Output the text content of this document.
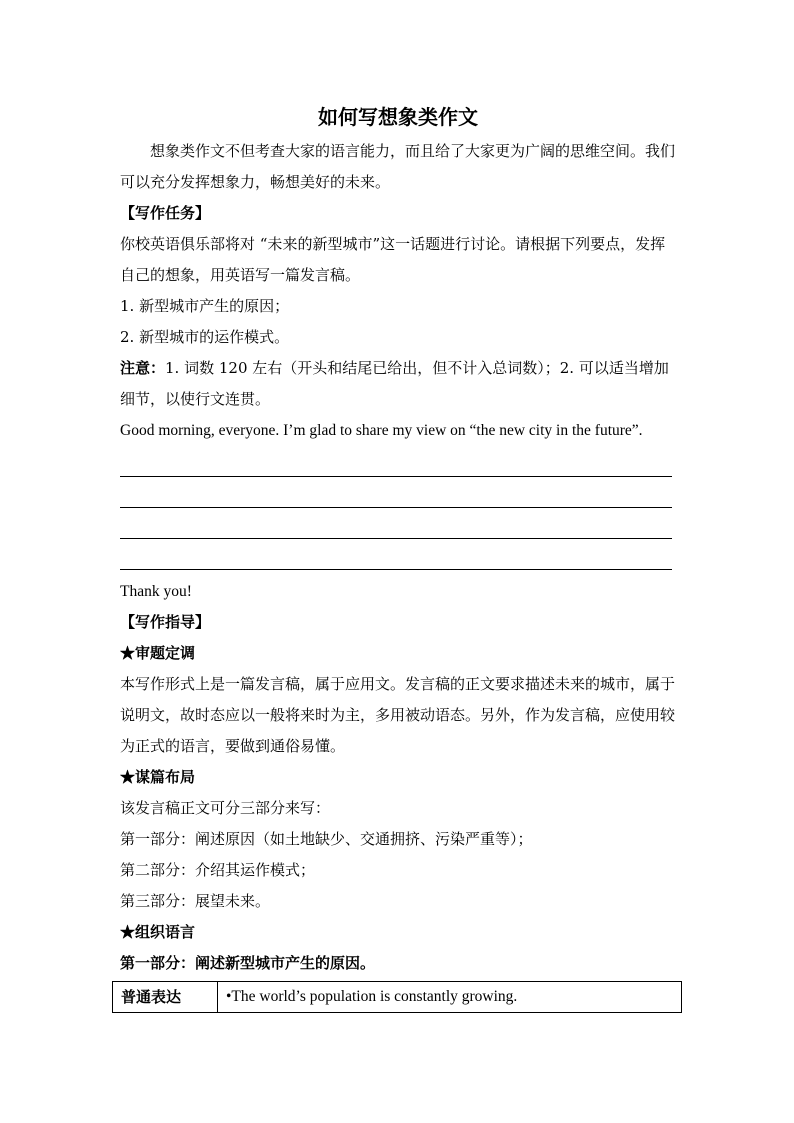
如何写想象类作文

想象类作文不但考查大家的语言能力，而且给了大家更为广阔的思维空间。我们可以充分发挥想象力，畅想美好的未来。

【写作任务】

你校英语俱乐部将对 “未来的新型城市”这一话题进行讨论。请根据下列要点，发挥自己的想象，用英语写一篇发言稿。

1. 新型城市产生的原因；

2. 新型城市的运作模式。

注意：1. 词数 120 左右（开头和结尾已给出，但不计入总词数）；2. 可以适当增加细节，以使行文连贯。

Good morning, everyone. I’m glad to share my view on “the new city in the future”.

Thank you!

【写作指导】

★审题定调

本写作形式上是一篇发言稿，属于应用文。发言稿的正文要求描述未来的城市，属于说明文，故时态应以一般将来时为主，多用被动语态。另外，作为发言稿，应使用较为正式的语言，要做到通俗易懂。

★谋篇布局

该发言稿正文可分三部分来写：

第一部分：阐述原因（如土地缺少、交通拥挤、污染严重等）；

第二部分：介绍其运作模式；

第三部分：展望未来。

★组织语言

第一部分：阐述新型城市产生的原因。

普通表达	•The world’s population is constantly growing.
